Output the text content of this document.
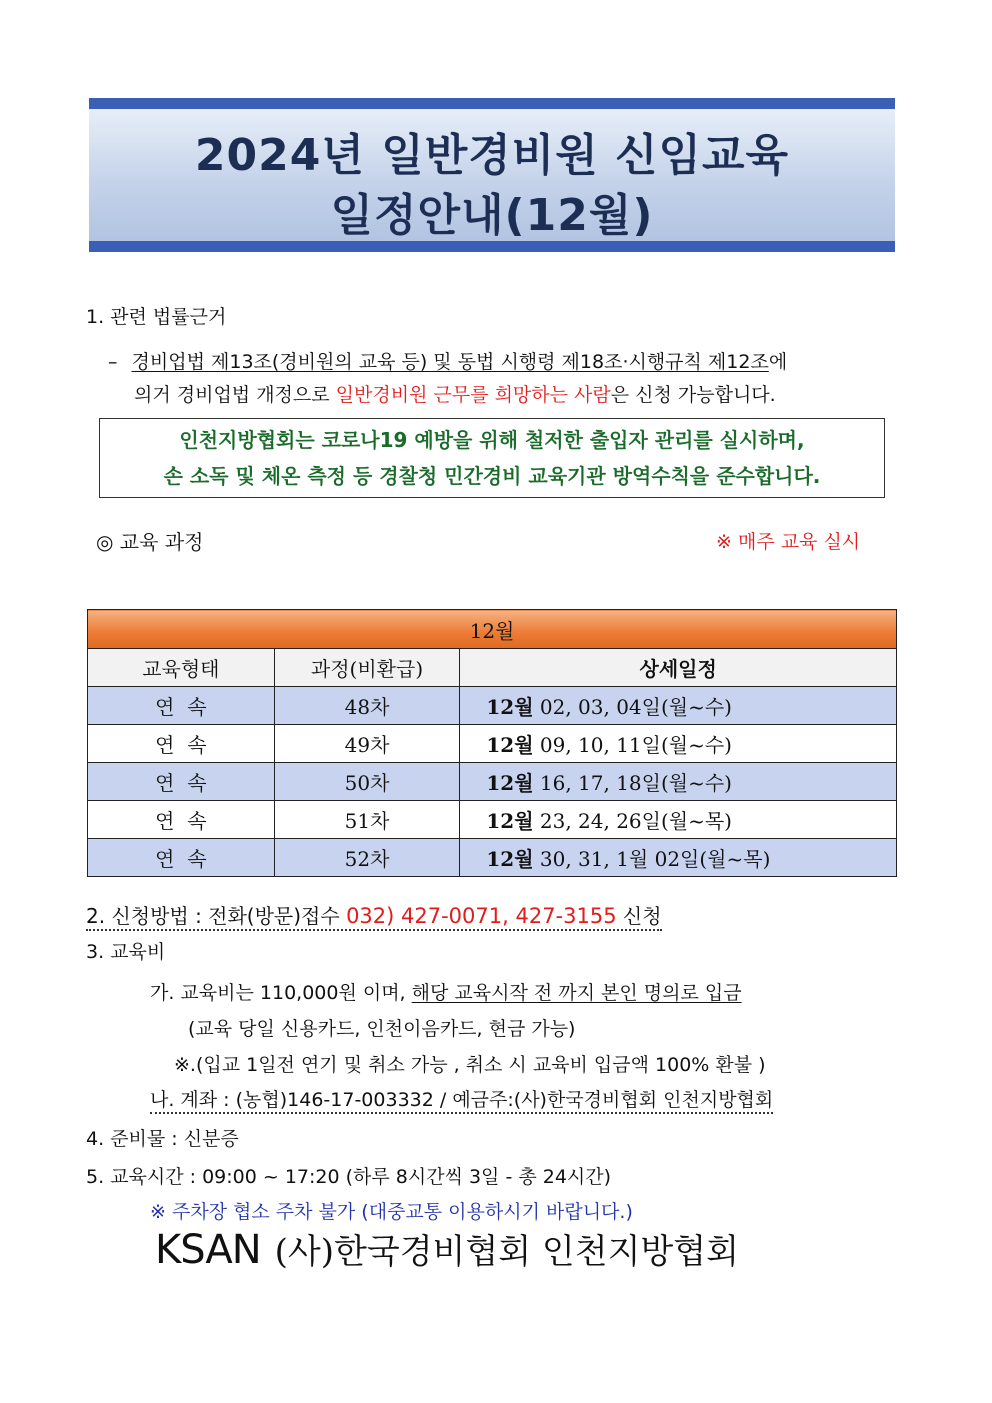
2024년 일반경비원 신임교육
일정안내(12월)
1. 관련 법률근거
– 경비업법 제13조(경비원의 교육 등) 및 동법 시행령 제18조·시행규칙 제12조에
의거 경비업법 개정으로 일반경비원 근무를 희망하는 사람은 신청 가능합니다.
인천지방협회는 코로나19 예방을 위해 철저한 출입자 관리를 실시하며,
손 소독 및 체온 측정 등 경찰청 민간경비 교육기관 방역수칙을 준수합니다.
◎ 교육 과정	※ 매주 교육 실시
12월		
교육형태	과정(비환급)	상세일정
연  속	48차	12월 02, 03, 04일(월~수)
연  속	49차	12월 09, 10, 11일(월~수)
연  속	50차	12월 16, 17, 18일(월~수)
연  속	51차	12월 23, 24, 26일(월~목)
연  속	52차	12월 30, 31, 1월 02일(월~목)
2. 신청방법 : 전화(방문)접수 032) 427-0071, 427-3155 신청
3. 교육비
가. 교육비는 110,000원 이며, 해당 교육시작 전 까지 본인 명의로 입금
(교육 당일 신용카드, 인천이음카드, 현금 가능)
※.(입교 1일전 연기 및 취소 가능 , 취소 시 교육비 입금액 100% 환불 )
나. 계좌 : (농협)146-17-003332 / 예금주:(사)한국경비협회 인천지방협회
4. 준비물 : 신분증
5. 교육시간 : 09:00 ~ 17:20 (하루 8시간씩 3일 - 총 24시간)
※ 주차장 협소 주차 불가 (대중교통 이용하시기 바랍니다.)
KSAN (사)한국경비협회 인천지방협회
